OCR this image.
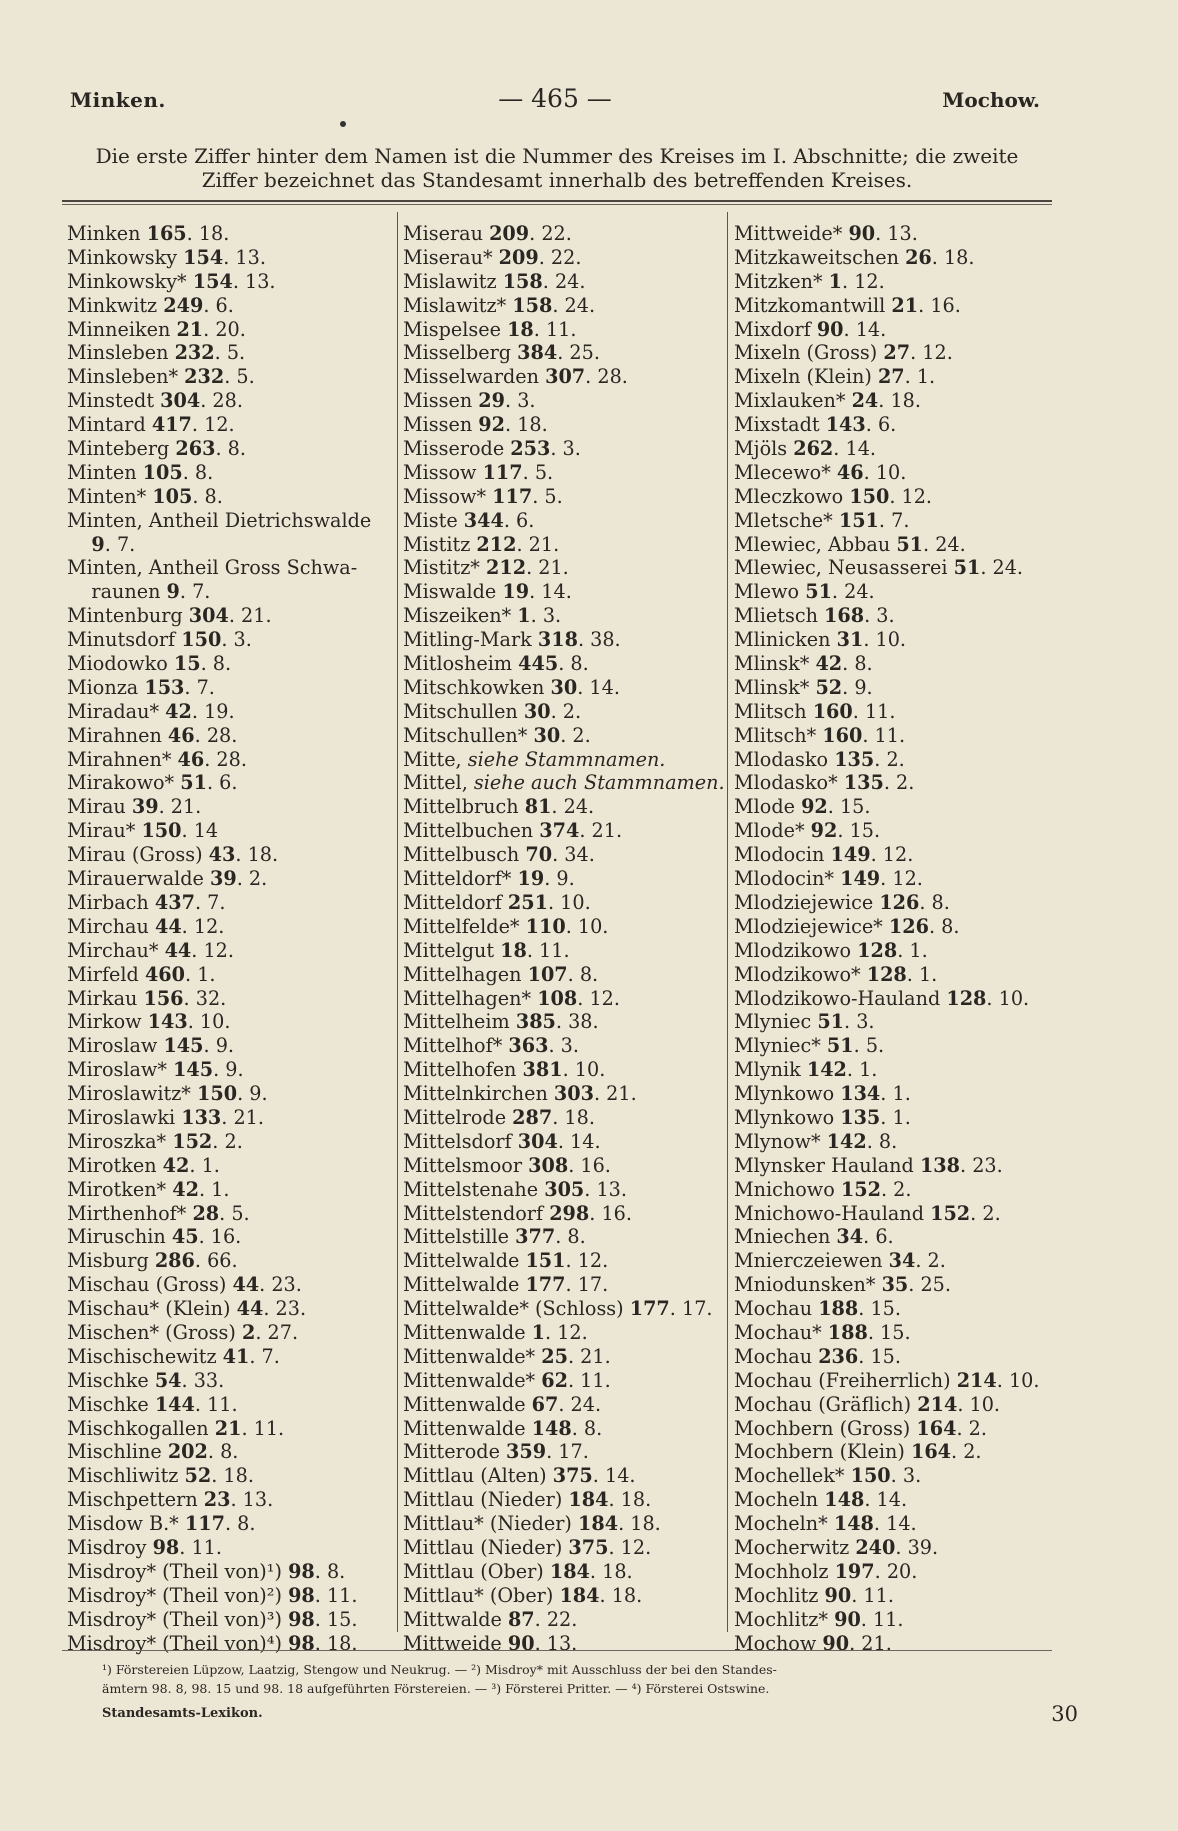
Minken.	— 465 —	Mochow.
Die erste Ziffer hinter dem Namen ist die Nummer des Kreises im I. Abschnitte; die zweite
Ziffer bezeichnet das Standesamt innerhalb des betreffenden Kreises.
Minken 165. 18.
Minkowsky 154. 13.
Minkowsky* 154. 13.
Minkwitz 249. 6.
Minneiken 21. 20.
Minsleben 232. 5.
Minsleben* 232. 5.
Minstedt 304. 28.
Mintard 417. 12.
Minteberg 263. 8.
Minten 105. 8.
Minten* 105. 8.
Minten, Antheil Dietrichswalde
9. 7.
Minten, Antheil Gross Schwa-
raunen 9. 7.
Mintenburg 304. 21.
Minutsdorf 150. 3.
Miodowko 15. 8.
Mionza 153. 7.
Miradau* 42. 19.
Mirahnen 46. 28.
Mirahnen* 46. 28.
Mirakowo* 51. 6.
Mirau 39. 21.
Mirau* 150. 14
Mirau (Gross) 43. 18.
Mirauerwalde 39. 2.
Mirbach 437. 7.
Mirchau 44. 12.
Mirchau* 44. 12.
Mirfeld 460. 1.
Mirkau 156. 32.
Mirkow 143. 10.
Miroslaw 145. 9.
Miroslaw* 145. 9.
Miroslawitz* 150. 9.
Miroslawki 133. 21.
Miroszka* 152. 2.
Mirotken 42. 1.
Mirotken* 42. 1.
Mirthenhof* 28. 5.
Miruschin 45. 16.
Misburg 286. 66.
Mischau (Gross) 44. 23.
Mischau* (Klein) 44. 23.
Mischen* (Gross) 2. 27.
Mischischewitz 41. 7.
Mischke 54. 33.
Mischke 144. 11.
Mischkogallen 21. 11.
Mischline 202. 8.
Mischliwitz 52. 18.
Mischpettern 23. 13.
Misdow B.* 117. 8.
Misdroy 98. 11.
Misdroy* (Theil von)¹) 98. 8.
Misdroy* (Theil von)²) 98. 11.
Misdroy* (Theil von)³) 98. 15.
Misdroy* (Theil von)⁴) 98. 18.
Miserau 209. 22.
Miserau* 209. 22.
Mislawitz 158. 24.
Mislawitz* 158. 24.
Mispelsee 18. 11.
Misselberg 384. 25.
Misselwarden 307. 28.
Missen 29. 3.
Missen 92. 18.
Misserode 253. 3.
Missow 117. 5.
Missow* 117. 5.
Miste 344. 6.
Mistitz 212. 21.
Mistitz* 212. 21.
Miswalde 19. 14.
Miszeiken* 1. 3.
Mitling-Mark 318. 38.
Mitlosheim 445. 8.
Mitschkowken 30. 14.
Mitschullen 30. 2.
Mitschullen* 30. 2.
Mitte, siehe Stammnamen.
Mittel, siehe auch Stammnamen.
Mittelbruch 81. 24.
Mittelbuchen 374. 21.
Mittelbusch 70. 34.
Mitteldorf* 19. 9.
Mitteldorf 251. 10.
Mittelfelde* 110. 10.
Mittelgut 18. 11.
Mittelhagen 107. 8.
Mittelhagen* 108. 12.
Mittelheim 385. 38.
Mittelhof* 363. 3.
Mittelhofen 381. 10.
Mittelnkirchen 303. 21.
Mittelrode 287. 18.
Mittelsdorf 304. 14.
Mittelsmoor 308. 16.
Mittelstenahe 305. 13.
Mittelstendorf 298. 16.
Mittelstille 377. 8.
Mittelwalde 151. 12.
Mittelwalde 177. 17.
Mittelwalde* (Schloss) 177. 17.
Mittenwalde 1. 12.
Mittenwalde* 25. 21.
Mittenwalde* 62. 11.
Mittenwalde 67. 24.
Mittenwalde 148. 8.
Mitterode 359. 17.
Mittlau (Alten) 375. 14.
Mittlau (Nieder) 184. 18.
Mittlau* (Nieder) 184. 18.
Mittlau (Nieder) 375. 12.
Mittlau (Ober) 184. 18.
Mittlau* (Ober) 184. 18.
Mittwalde 87. 22.
Mittweide 90. 13.
Mittweide* 90. 13.
Mitzkaweitschen 26. 18.
Mitzken* 1. 12.
Mitzkomantwill 21. 16.
Mixdorf 90. 14.
Mixeln (Gross) 27. 12.
Mixeln (Klein) 27. 1.
Mixlauken* 24. 18.
Mixstadt 143. 6.
Mjöls 262. 14.
Mlecewo* 46. 10.
Mleczkowo 150. 12.
Mletsche* 151. 7.
Mlewiec, Abbau 51. 24.
Mlewiec, Neusasserei 51. 24.
Mlewo 51. 24.
Mlietsch 168. 3.
Mlinicken 31. 10.
Mlinsk* 42. 8.
Mlinsk* 52. 9.
Mlitsch 160. 11.
Mlitsch* 160. 11.
Mlodasko 135. 2.
Mlodasko* 135. 2.
Mlode 92. 15.
Mlode* 92. 15.
Mlodocin 149. 12.
Mlodocin* 149. 12.
Mlodziejewice 126. 8.
Mlodziejewice* 126. 8.
Mlodzikowo 128. 1.
Mlodzikowo* 128. 1.
Mlodzikowo-Hauland 128. 10.
Mlyniec 51. 3.
Mlyniec* 51. 5.
Mlynik 142. 1.
Mlynkowo 134. 1.
Mlynkowo 135. 1.
Mlynow* 142. 8.
Mlynsker Hauland 138. 23.
Mnichowo 152. 2.
Mnichowo-Hauland 152. 2.
Mniechen 34. 6.
Mnierczeiewen 34. 2.
Mniodunsken* 35. 25.
Mochau 188. 15.
Mochau* 188. 15.
Mochau 236. 15.
Mochau (Freiherrlich) 214. 10.
Mochau (Gräflich) 214. 10.
Mochbern (Gross) 164. 2.
Mochbern (Klein) 164. 2.
Mochellek* 150. 3.
Mocheln 148. 14.
Mocheln* 148. 14.
Mocherwitz 240. 39.
Mochholz 197. 20.
Mochlitz 90. 11.
Mochlitz* 90. 11.
Mochow 90. 21.
¹) Förstereien Lüpzow, Laatzig, Stengow und Neukrug. — ²) Misdroy* mit Ausschluss der bei den Standes-
ämtern 98. 8, 98. 15 und 98. 18 aufgeführten Förstereien. — ³) Försterei Pritter. — ⁴) Försterei Ostswine.
Standesamts-Lexikon.	30
